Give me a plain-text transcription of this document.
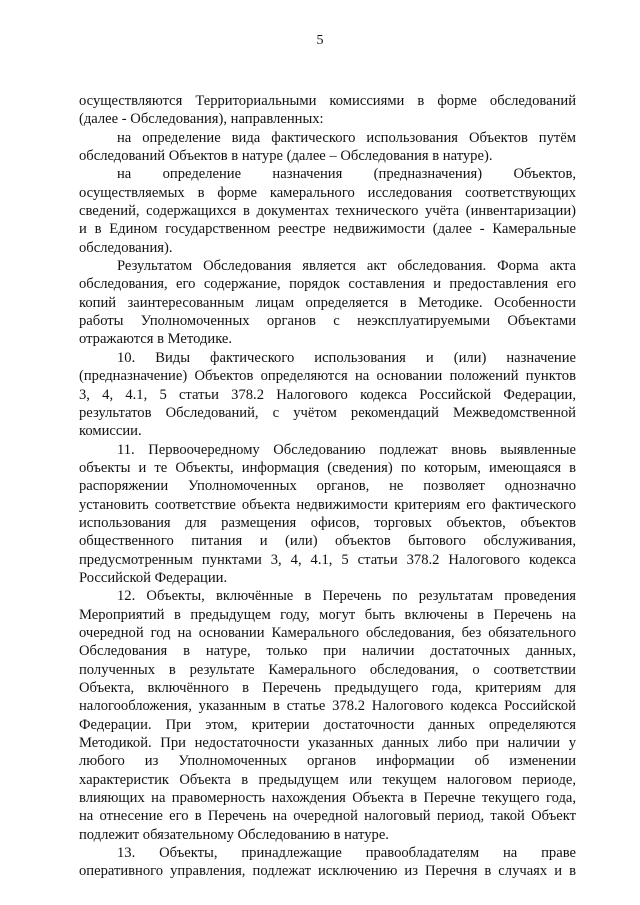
5
осуществляются Территориальными комиссиями в форме обследований
(далее - Обследования), направленных:
на определение вида фактического использования Объектов путём
обследований Объектов в натуре (далее – Обследования в натуре).
на определение назначения (предназначения) Объектов,
осуществляемых в форме камерального исследования соответствующих
сведений, содержащихся в документах технического учёта (инвентаризации)
и в Едином государственном реестре недвижимости (далее - Камеральные
обследования).
Результатом Обследования является акт обследования. Форма акта
обследования, его содержание, порядок составления и предоставления его
копий заинтересованным лицам определяется в Методике. Особенности
работы Уполномоченных органов с неэксплуатируемыми Объектами
отражаются в Методике.
10. Виды фактического использования и (или) назначение
(предназначение) Объектов определяются на основании положений пунктов
3, 4, 4.1, 5 статьи 378.2 Налогового кодекса Российской Федерации,
результатов Обследований, с учётом рекомендаций Межведомственной
комиссии.
11. Первоочередному Обследованию подлежат вновь выявленные
объекты и те Объекты, информация (сведения) по которым, имеющаяся в
распоряжении Уполномоченных органов, не позволяет однозначно
установить соответствие объекта недвижимости критериям его фактического
использования для размещения офисов, торговых объектов, объектов
общественного питания и (или) объектов бытового обслуживания,
предусмотренным пунктами 3, 4, 4.1, 5 статьи 378.2 Налогового кодекса
Российской Федерации.
12. Объекты, включённые в Перечень по результатам проведения
Мероприятий в предыдущем году, могут быть включены в Перечень на
очередной год на основании Камерального обследования, без обязательного
Обследования в натуре, только при наличии достаточных данных,
полученных в результате Камерального обследования, о соответствии
Объекта, включённого в Перечень предыдущего года, критериям для
налогообложения, указанным в статье 378.2 Налогового кодекса Российской
Федерации. При этом, критерии достаточности данных определяются
Методикой. При недостаточности указанных данных либо при наличии у
любого из Уполномоченных органов информации об изменении
характеристик Объекта в предыдущем или текущем налоговом периоде,
влияющих на правомерность нахождения Объекта в Перечне текущего года,
на отнесение его в Перечень на очередной налоговый период, такой Объект
подлежит обязательному Обследованию в натуре.
13. Объекты, принадлежащие правообладателям на праве
оперативного управления, подлежат исключению из Перечня в случаях и в
